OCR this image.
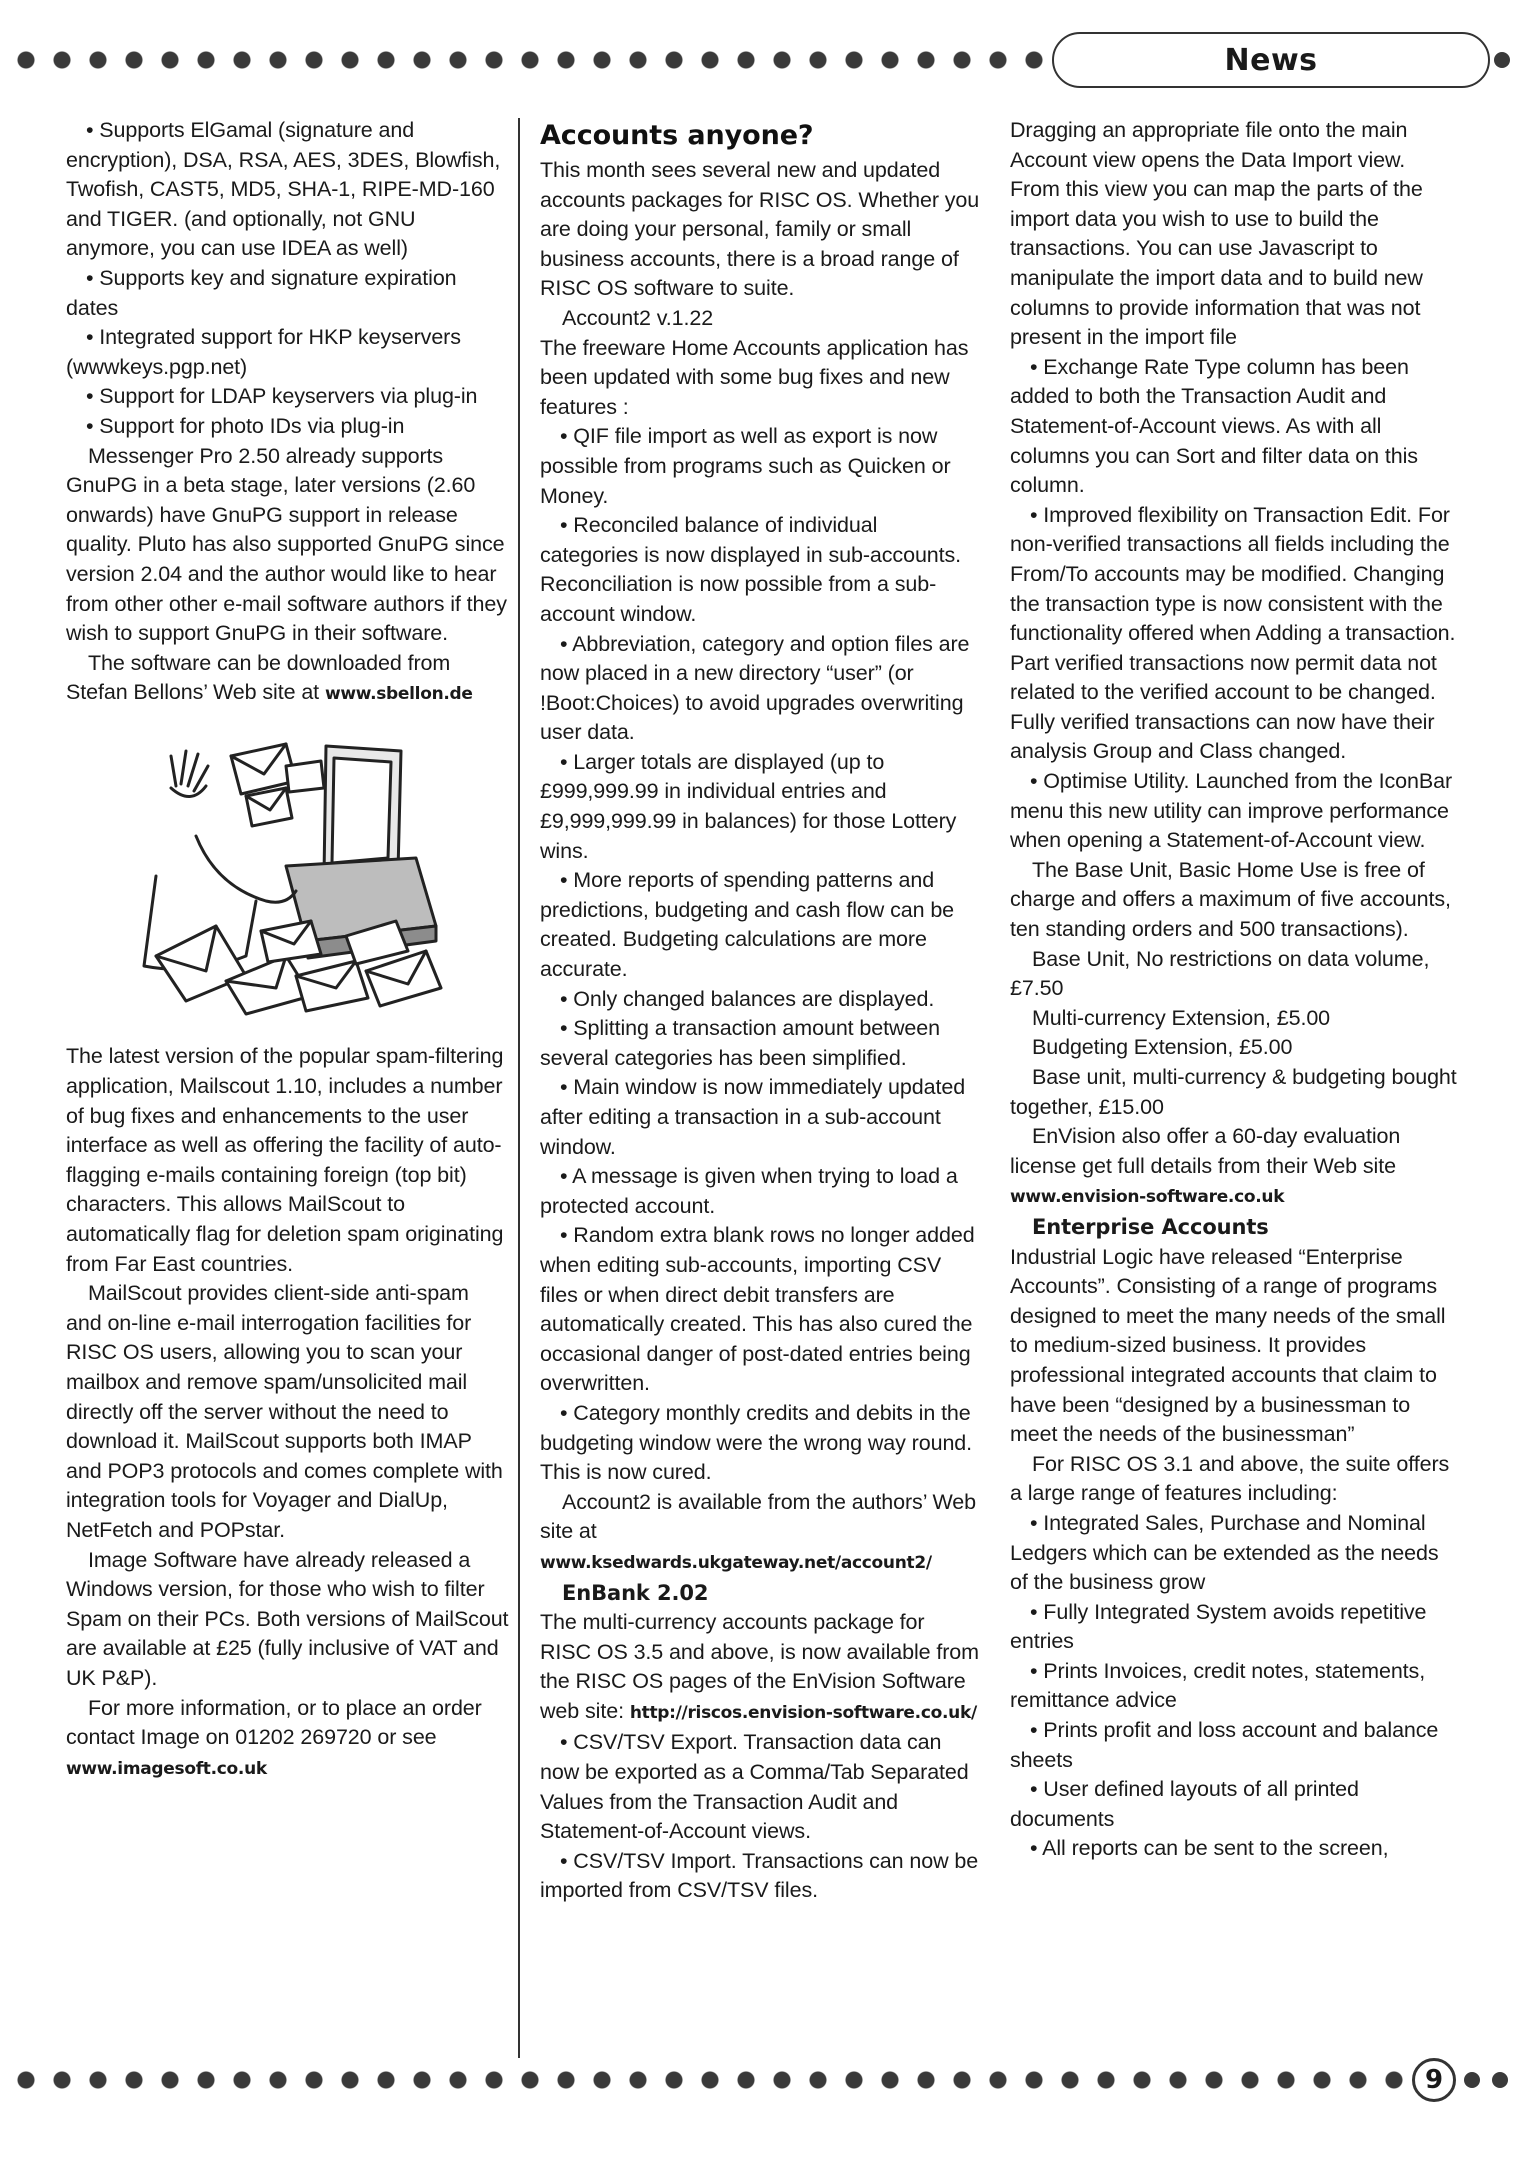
News
9

• Supports ElGamal (signature and encryption), DSA, RSA, AES, 3DES, Blowfish, Twofish, CAST5, MD5, SHA-1, RIPE-MD-160 and TIGER. (and optionally, not GNU anymore, you can use IDEA as well)

• Supports key and signature expiration dates

• Integrated support for HKP keyservers (wwwkeys.pgp.net)

• Support for LDAP keyservers via plug-in

• Support for photo IDs via plug-in

Messenger Pro 2.50 already supports GnuPG in a beta stage, later versions (2.60 onwards) have GnuPG support in release quality. Pluto has also supported GnuPG since version 2.04 and the author would like to hear from other other e-mail software authors if they wish to support GnuPG in their software.

The software can be downloaded from Stefan Bellons’ Web site at www.sbellon.de

The latest version of the popular spam-filtering application, Mailscout 1.10, includes a number of bug fixes and enhancements to the user interface as well as offering the facility of auto-flagging e-mails containing foreign (top bit) characters. This allows MailScout to automatically flag for deletion spam originating from Far East countries.

MailScout provides client-side anti-spam and on-line e-mail interrogation facilities for RISC OS users, allowing you to scan your mailbox and remove spam/unsolicited mail directly off the server without the need to download it. MailScout supports both IMAP and POP3 protocols and comes complete with integration tools for Voyager and DialUp, NetFetch and POPstar.

Image Software have already released a Windows version, for those who wish to filter Spam on their PCs. Both versions of MailScout are available at £25 (fully inclusive of VAT and UK P&P).

For more information, or to place an order contact Image on 01202 269720 or see www.imagesoft.co.uk

Accounts anyone?

This month sees several new and updated accounts packages for RISC OS. Whether you are doing your personal, family or small business accounts, there is a broad range of RISC OS software to suite.

Account2 v.1.22

The freeware Home Accounts application has been updated with some bug fixes and new features :

• QIF file import as well as export is now possible from programs such as Quicken or Money.

• Reconciled balance of individual categories is now displayed in sub-accounts. Reconciliation is now possible from a sub-account window.

• Abbreviation, category and option files are now placed in a new directory “user” (or !Boot:Choices) to avoid upgrades overwriting user data.

• Larger totals are displayed (up to £999,999.99 in individual entries and £9,999,999.99 in balances) for those Lottery wins.

• More reports of spending patterns and predictions, budgeting and cash flow can be created. Budgeting calculations are more accurate.

• Only changed balances are displayed.

• Splitting a transaction amount between several categories has been simplified.

• Main window is now immediately updated after editing a transaction in a sub-account window.

• A message is given when trying to load a protected account.

• Random extra blank rows no longer added when editing sub-accounts, importing CSV files or when direct debit transfers are automatically created. This has also cured the occasional danger of post-dated entries being overwritten.

• Category monthly credits and debits in the budgeting window were the wrong way round. This is now cured.

Account2 is available from the authors’ Web site at

www.ksedwards.ukgateway.net/account2/

EnBank 2.02

The multi-currency accounts package for RISC OS 3.5 and above, is now available from the RISC OS pages of the EnVision Software web site: http://riscos.envision-software.co.uk/

• CSV/TSV Export. Transaction data can now be exported as a Comma/Tab Separated Values from the Transaction Audit and Statement-of-Account views.

• CSV/TSV Import. Transactions can now be imported from CSV/TSV files.

Dragging an appropriate file onto the main Account view opens the Data Import view. From this view you can map the parts of the import data you wish to use to build the transactions. You can use Javascript to manipulate the import data and to build new columns to provide information that was not present in the import file

• Exchange Rate Type column has been added to both the Transaction Audit and Statement-of-Account views. As with all columns you can Sort and filter data on this column.

• Improved flexibility on Transaction Edit. For non-verified transactions all fields including the From/To accounts may be modified. Changing the transaction type is now consistent with the functionality offered when Adding a transaction. Part verified transactions now permit data not related to the verified account to be changed. Fully verified transactions can now have their analysis Group and Class changed.

• Optimise Utility. Launched from the IconBar menu this new utility can improve performance when opening a Statement-of-Account view.

The Base Unit, Basic Home Use is free of charge and offers a maximum of five accounts, ten standing orders and 500 transactions).

Base Unit, No restrictions on data volume, £7.50

Multi-currency Extension, £5.00

Budgeting Extension, £5.00

Base unit, multi-currency & budgeting bought together, £15.00

EnVision also offer a 60-day evaluation license get full details from their Web site

www.envision-software.co.uk

Enterprise Accounts

Industrial Logic have released “Enterprise Accounts”. Consisting of a range of programs designed to meet the many needs of the small to medium-sized business. It provides professional integrated accounts that claim to have been “designed by a businessman to meet the needs of the businessman”

For RISC OS 3.1 and above, the suite offers a large range of features including:

• Integrated Sales, Purchase and Nominal Ledgers which can be extended as the needs of the business grow

• Fully Integrated System avoids repetitive entries

• Prints Invoices, credit notes, statements, remittance advice

• Prints profit and loss account and balance sheets

• User defined layouts of all printed documents

• All reports can be sent to the screen,
